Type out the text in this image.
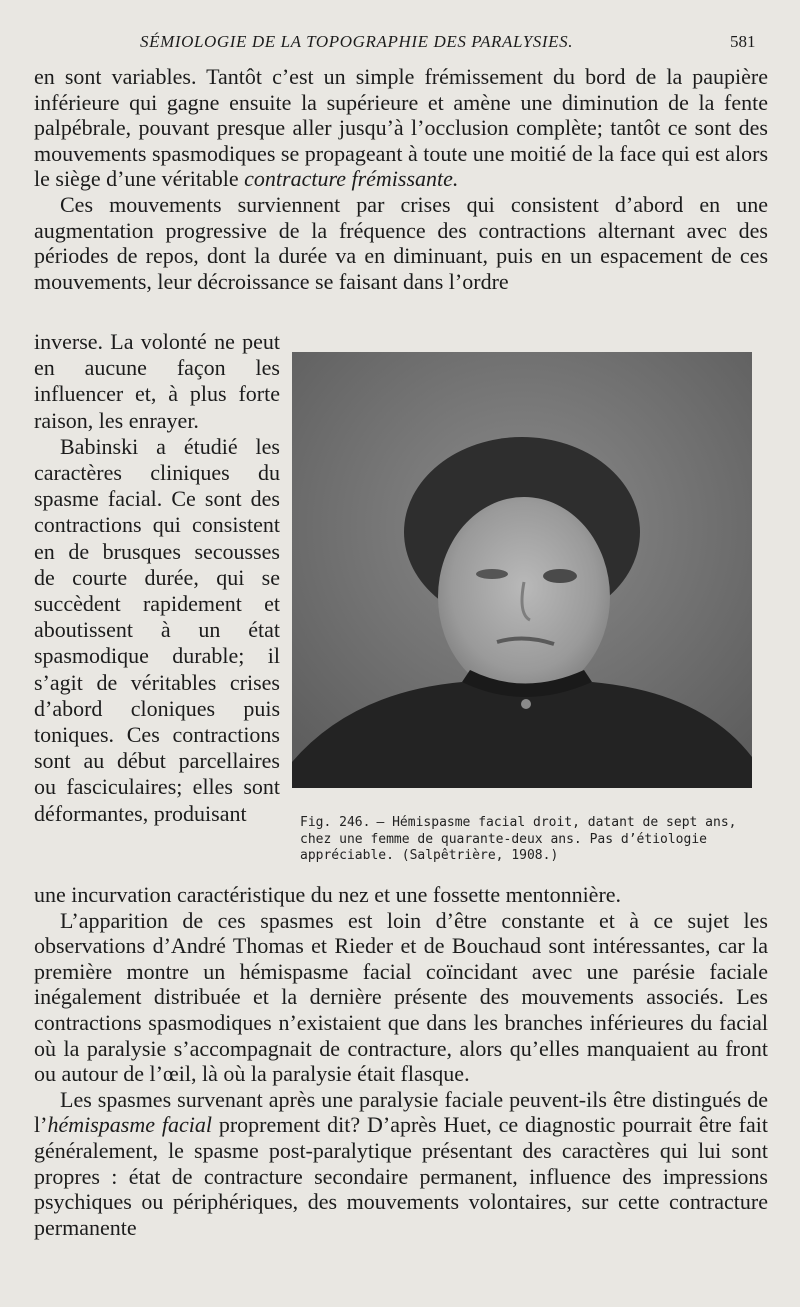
SÉMIOLOGIE DE LA TOPOGRAPHIE DES PARALYSIES.	581

en sont variables. Tantôt c’est un simple frémissement du bord de la paupière inférieure qui gagne ensuite la supérieure et amène une diminution de la fente palpébrale, pouvant presque aller jusqu’à l’occlusion complète; tantôt ce sont des mouvements spasmodiques se propageant à toute une moitié de la face qui est alors le siège d’une véritable contracture frémissante.

Ces mouvements surviennent par crises qui consistent d’abord en une augmentation progressive de la fréquence des contractions alternant avec des périodes de repos, dont la durée va en diminuant, puis en un espacement de ces mouvements, leur décroissance se faisant dans l’ordre

inverse. La volonté ne peut en aucune façon les influencer et, à plus forte raison, les enrayer.

Babinski a étudié les caractères cliniques du spasme facial. Ce sont des contractions qui consistent en de brusques secousses de courte durée, qui se succèdent rapidement et aboutissent à un état spasmodique durable; il s’agit de véritables crises d’abord cloniques puis toniques. Ces contractions sont au début parcellaires ou fasciculaires; elles sont déformantes, produisant	Fig. 246. — Hémispasme facial droit, datant de sept ans, chez une femme de quarante-deux ans. Pas d’étiologie appréciable. (Salpêtrière, 1908.)

une incurvation caractéristique du nez et une fossette mentonnière.

L’apparition de ces spasmes est loin d’être constante et à ce sujet les observations d’André Thomas et Rieder et de Bouchaud sont intéressantes, car la première montre un hémispasme facial coïncidant avec une parésie faciale inégalement distribuée et la dernière présente des mouvements associés. Les contractions spasmodiques n’existaient que dans les branches inférieures du facial où la paralysie s’accompagnait de contracture, alors qu’elles manquaient au front ou autour de l’œil, là où la paralysie était flasque.

Les spasmes survenant après une paralysie faciale peuvent-ils être distingués de l’hémispasme facial proprement dit? D’après Huet, ce diagnostic pourrait être fait généralement, le spasme post-paralytique présentant des caractères qui lui sont propres : état de contracture secondaire permanent, influence des impressions psychiques ou périphériques, des mouvements volontaires, sur cette contracture permanente
